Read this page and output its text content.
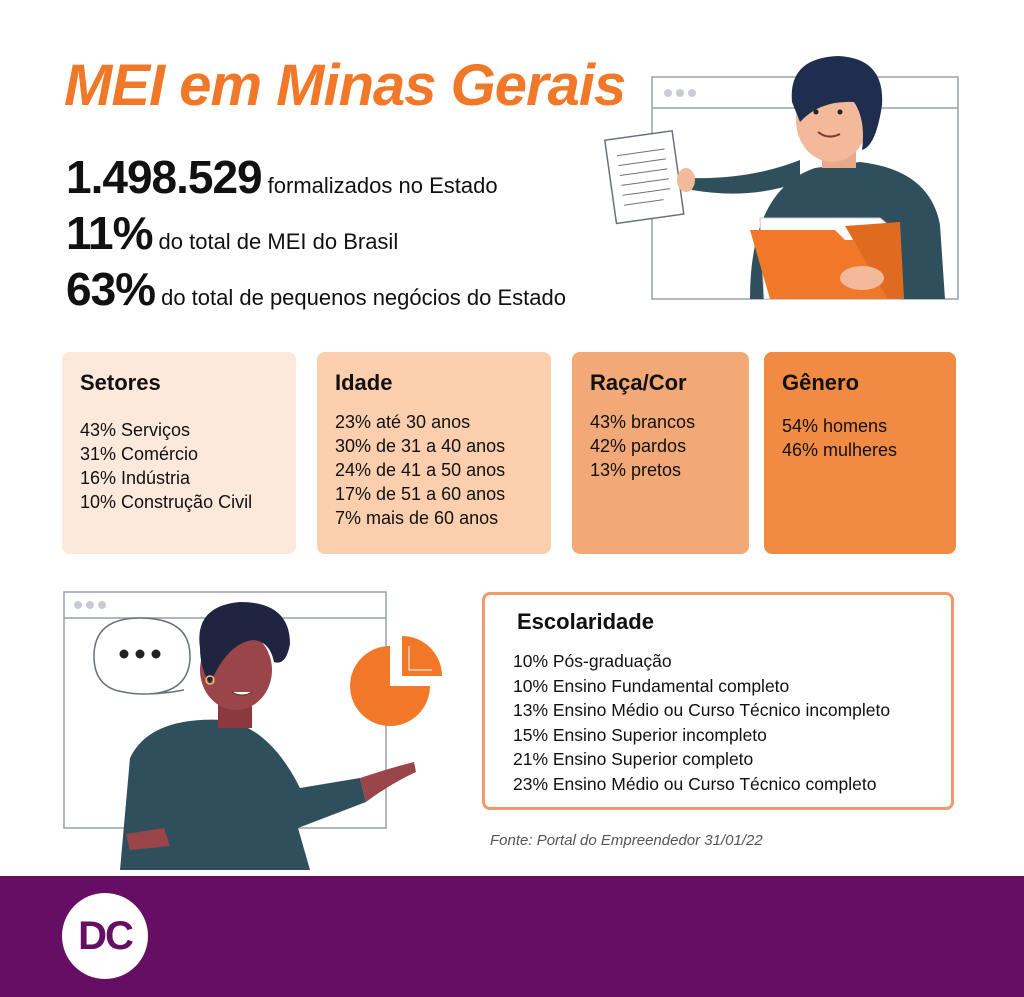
MEI em Minas Gerais
1.498.529 formalizados no Estado
11% do total de MEI do Brasil
63% do total de pequenos negócios do Estado
Setores
43% Serviços
31% Comércio
16% Indústria
10% Construção Civil
Idade
23% até 30 anos
30% de 31 a 40 anos
24% de 41 a 50 anos
17% de 51 a 60 anos
7% mais de 60 anos
Raça/Cor
43% brancos
42% pardos
13% pretos
Gênero
54% homens
46% mulheres
Escolaridade
10% Pós-graduação
10% Ensino Fundamental completo
13% Ensino Médio ou Curso Técnico incompleto
15% Ensino Superior incompleto
21% Ensino Superior completo
23% Ensino Médio ou Curso Técnico completo
Fonte: Portal do Empreendedor 31/01/22
DC
